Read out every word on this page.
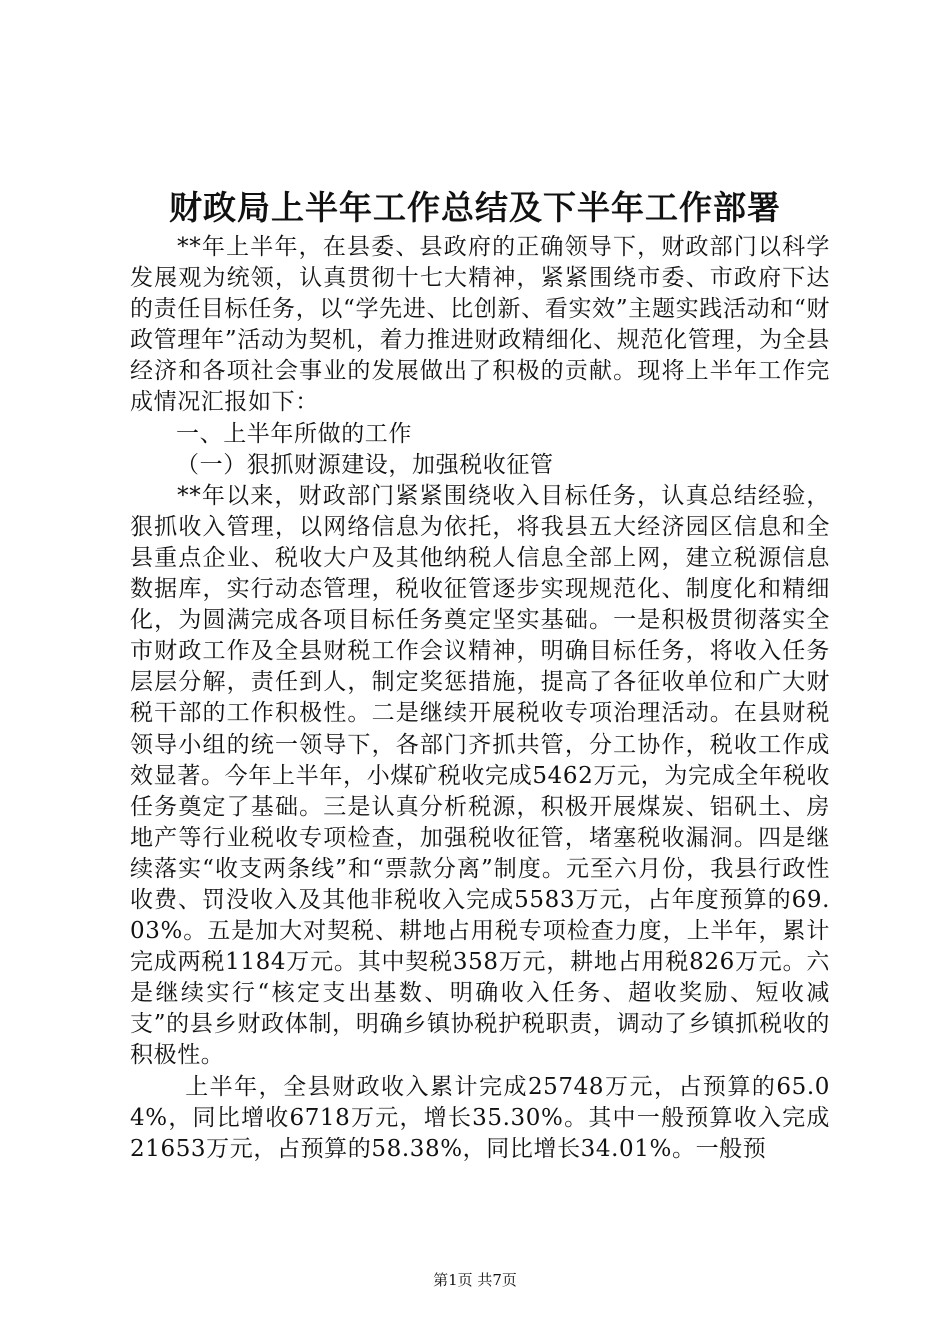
财政局上半年工作总结及下半年工作部署

**年上半年，在县委、县政府的正确领导下，财政部门以科学发展观为统领，认真贯彻十七大精神，紧紧围绕市委、市政府下达的责任目标任务，以“学先进、比创新、看实效”主题实践活动和“财政管理年”活动为契机，着力推进财政精细化、规范化管理，为全县经济和各项社会事业的发展做出了积极的贡献。现将上半年工作完成情况汇报如下：

一、上半年所做的工作

（一）狠抓财源建设，加强税收征管

**年以来，财政部门紧紧围绕收入目标任务，认真总结经验，狠抓收入管理，以网络信息为依托，将我县五大经济园区信息和全县重点企业、税收大户及其他纳税人信息全部上网，建立税源信息数据库，实行动态管理，税收征管逐步实现规范化、制度化和精细化，为圆满完成各项目标任务奠定坚实基础。一是积极贯彻落实全市财政工作及全县财税工作会议精神，明确目标任务，将收入任务层层分解，责任到人，制定奖惩措施，提高了各征收单位和广大财税干部的工作积极性。二是继续开展税收专项治理活动。在县财税领导小组的统一领导下，各部门齐抓共管，分工协作，税收工作成效显著。今年上半年，小煤矿税收完成5462万元，为完成全年税收任务奠定了基础。三是认真分析税源，积极开展煤炭、铝矾土、房地产等行业税收专项检查，加强税收征管，堵塞税收漏洞。四是继续落实“收支两条线”和“票款分离”制度。元至六月份，我县行政性收费、罚没收入及其他非税收入完成5583万元，占年度预算的69.03%。五是加大对契税、耕地占用税专项检查力度，上半年，累计完成两税1184万元。其中契税358万元，耕地占用税826万元。六是继续实行“核定支出基数、明确收入任务、超收奖励、短收减支”的县乡财政体制，明确乡镇协税护税职责，调动了乡镇抓税收的积极性。

上半年，全县财政收入累计完成25748万元，占预算的65.04%，同比增收6718万元，增长35.30%。其中一般预算收入完成21653万元，占预算的58.38%，同比增长34.01%。一般预

第1页 共7页
